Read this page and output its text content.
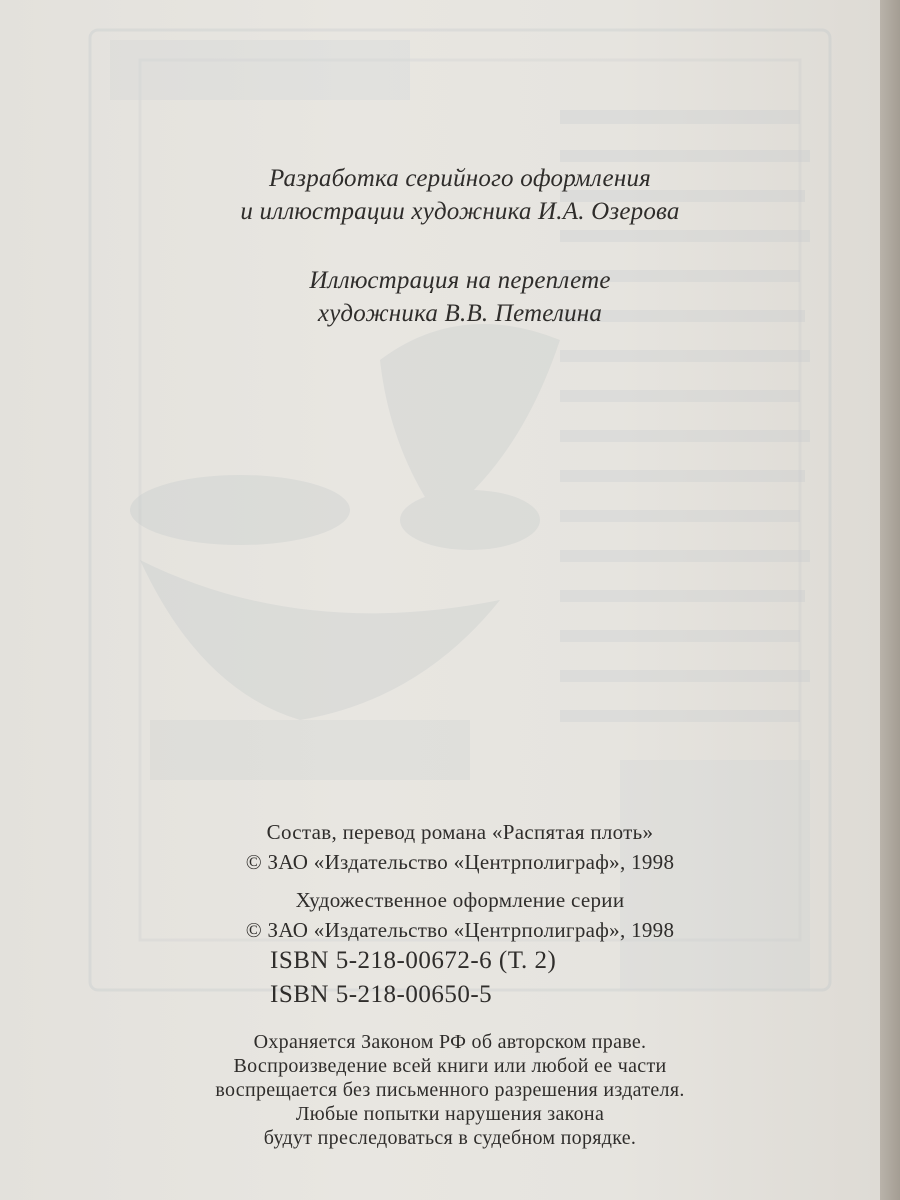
Разработка серийного оформления
и иллюстрации художника И.А. Озерова
Иллюстрация на переплете
художника В.В. Петелина
Состав, перевод романа «Распятая плоть»
© ЗАО «Издательство «Центрполиграф», 1998
Художественное оформление серии
© ЗАО «Издательство «Центрполиграф», 1998
ISBN 5-218-00672-6 (Т. 2)
ISBN 5-218-00650-5
Охраняется Законом РФ об авторском праве.
Воспроизведение всей книги или любой ее части
воспрещается без письменного разрешения издателя.
Любые попытки нарушения закона
будут преследоваться в судебном порядке.
